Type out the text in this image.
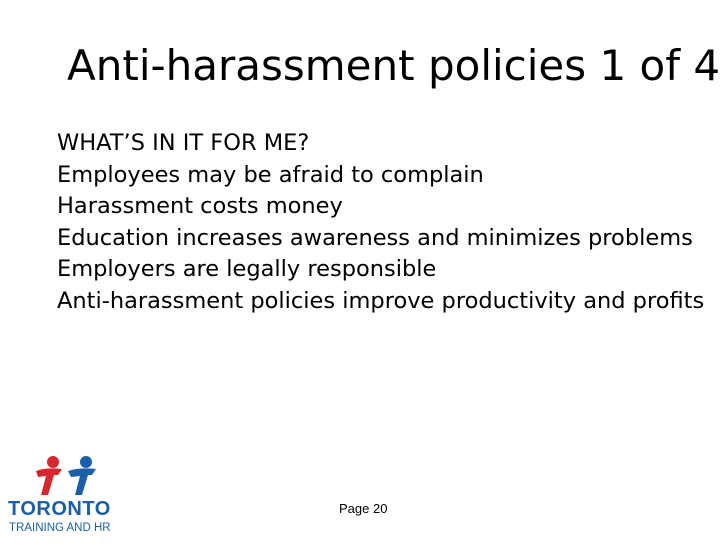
Anti-harassment policies 1 of 4
WHAT’S IN IT FOR ME?
Employees may be afraid to complain
Harassment costs money
Education increases awareness and minimizes problems
Employers are legally responsible
Anti-harassment policies improve productivity and profits
TORONTO
TRAINING AND HR
Page 20
